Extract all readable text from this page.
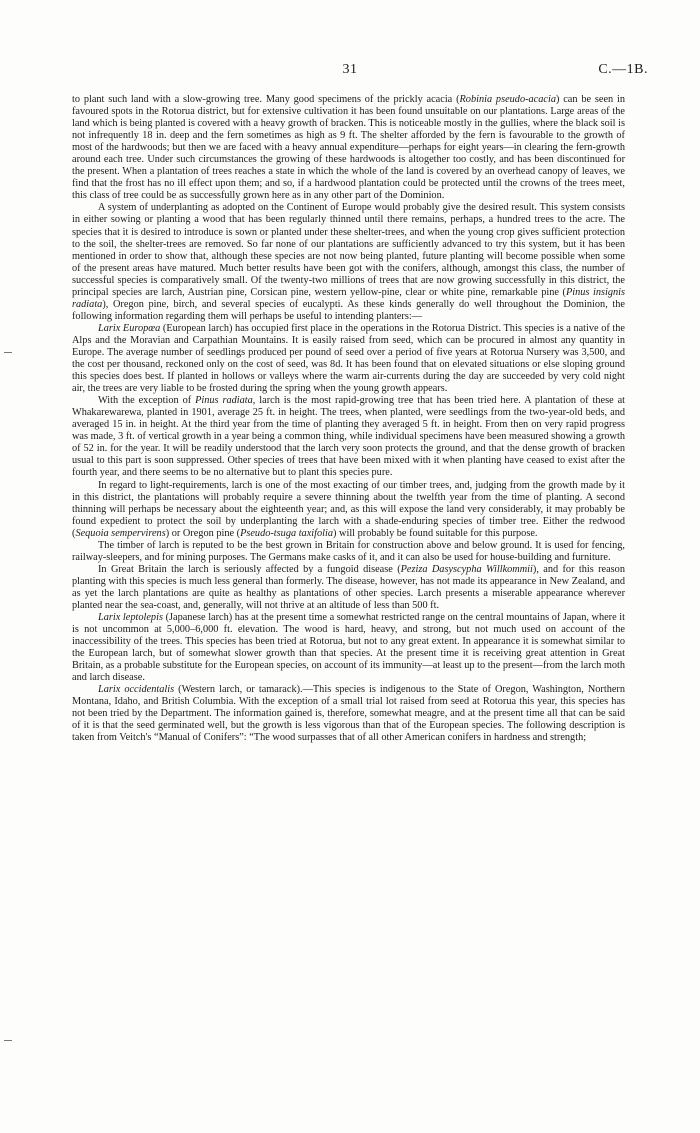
31	C.—1B.

to plant such land with a slow-growing tree. Many good specimens of the prickly acacia (Robinia pseudo-acacia) can be seen in favoured spots in the Rotorua district, but for extensive cultivation it has been found unsuitable on our plantations. Large areas of the land which is being planted is covered with a heavy growth of bracken. This is noticeable mostly in the gullies, where the black soil is not infrequently 18 in. deep and the fern sometimes as high as 9 ft. The shelter afforded by the fern is favourable to the growth of most of the hardwoods; but then we are faced with a heavy annual expenditure—perhaps for eight years—in clearing the fern-growth around each tree. Under such circumstances the growing of these hardwoods is altogether too costly, and has been discontinued for the present. When a plantation of trees reaches a state in which the whole of the land is covered by an overhead canopy of leaves, we find that the frost has no ill effect upon them; and so, if a hardwood plantation could be protected until the crowns of the trees meet, this class of tree could be as successfully grown here as in any other part of the Dominion.

A system of underplanting as adopted on the Continent of Europe would probably give the desired result. This system consists in either sowing or planting a wood that has been regularly thinned until there remains, perhaps, a hundred trees to the acre. The species that it is desired to introduce is sown or planted under these shelter-trees, and when the young crop gives sufficient protection to the soil, the shelter-trees are removed. So far none of our plantations are sufficiently advanced to try this system, but it has been mentioned in order to show that, although these species are not now being planted, future planting will become possible when some of the present areas have matured. Much better results have been got with the conifers, although, amongst this class, the number of successful species is comparatively small. Of the twenty-two millions of trees that are now growing successfully in this district, the principal species are larch, Austrian pine, Corsican pine, western yellow-pine, clear or white pine, remarkable pine (Pinus insignis radiata), Oregon pine, birch, and several species of eucalypti. As these kinds generally do well throughout the Dominion, the following information regarding them will perhaps be useful to intending planters:—

Larix Europœa (European larch) has occupied first place in the operations in the Rotorua District. This species is a native of the Alps and the Moravian and Carpathian Mountains. It is easily raised from seed, which can be procured in almost any quantity in Europe. The average number of seedlings produced per pound of seed over a period of five years at Rotorua Nursery was 3,500, and the cost per thousand, reckoned only on the cost of seed, was 8d. It has been found that on elevated situations or else sloping ground this species does best. If planted in hollows or valleys where the warm air-currents during the day are succeeded by very cold night air, the trees are very liable to be frosted during the spring when the young growth appears.

With the exception of Pinus radiata, larch is the most rapid-growing tree that has been tried here. A plantation of these at Whakarewarewa, planted in 1901, average 25 ft. in height. The trees, when planted, were seedlings from the two-year-old beds, and averaged 15 in. in height. At the third year from the time of planting they averaged 5 ft. in height. From then on very rapid progress was made, 3 ft. of vertical growth in a year being a common thing, while individual specimens have been measured showing a growth of 52 in. for the year. It will be readily understood that the larch very soon protects the ground, and that the dense growth of bracken usual to this part is soon suppressed. Other species of trees that have been mixed with it when planting have ceased to exist after the fourth year, and there seems to be no alternative but to plant this species pure.

In regard to light-requirements, larch is one of the most exacting of our timber trees, and, judging from the growth made by it in this district, the plantations will probably require a severe thinning about the twelfth year from the time of planting. A second thinning will perhaps be necessary about the eighteenth year; and, as this will expose the land very considerably, it may probably be found expedient to protect the soil by underplanting the larch with a shade-enduring species of timber tree. Either the redwood (Sequoia sempervirens) or Oregon pine (Pseudo-tsuga taxifolia) will probably be found suitable for this purpose.

The timber of larch is reputed to be the best grown in Britain for construction above and below ground. It is used for fencing, railway-sleepers, and for mining purposes. The Germans make casks of it, and it can also be used for house-building and furniture.

In Great Britain the larch is seriously affected by a fungoid disease (Peziza Dasyscypha Willkommii), and for this reason planting with this species is much less general than formerly. The disease, however, has not made its appearance in New Zealand, and as yet the larch plantations are quite as healthy as plantations of other species. Larch presents a miserable appearance wherever planted near the sea-coast, and, generally, will not thrive at an altitude of less than 500 ft.

Larix leptolepis (Japanese larch) has at the present time a somewhat restricted range on the central mountains of Japan, where it is not uncommon at 5,000–6,000 ft. elevation. The wood is hard, heavy, and strong, but not much used on account of the inaccessibility of the trees. This species has been tried at Rotorua, but not to any great extent. In appearance it is somewhat similar to the European larch, but of somewhat slower growth than that species. At the present time it is receiving great attention in Great Britain, as a probable substitute for the European species, on account of its immunity—at least up to the present—from the larch moth and larch disease.

Larix occidentalis (Western larch, or tamarack).—This species is indigenous to the State of Oregon, Washington, Northern Montana, Idaho, and British Columbia. With the exception of a small trial lot raised from seed at Rotorua this year, this species has not been tried by the Department. The information gained is, therefore, somewhat meagre, and at the present time all that can be said of it is that the seed germinated well, but the growth is less vigorous than that of the European species. The following description is taken from Veitch's “Manual of Conifers”: “The wood surpasses that of all other American conifers in hardness and strength;
